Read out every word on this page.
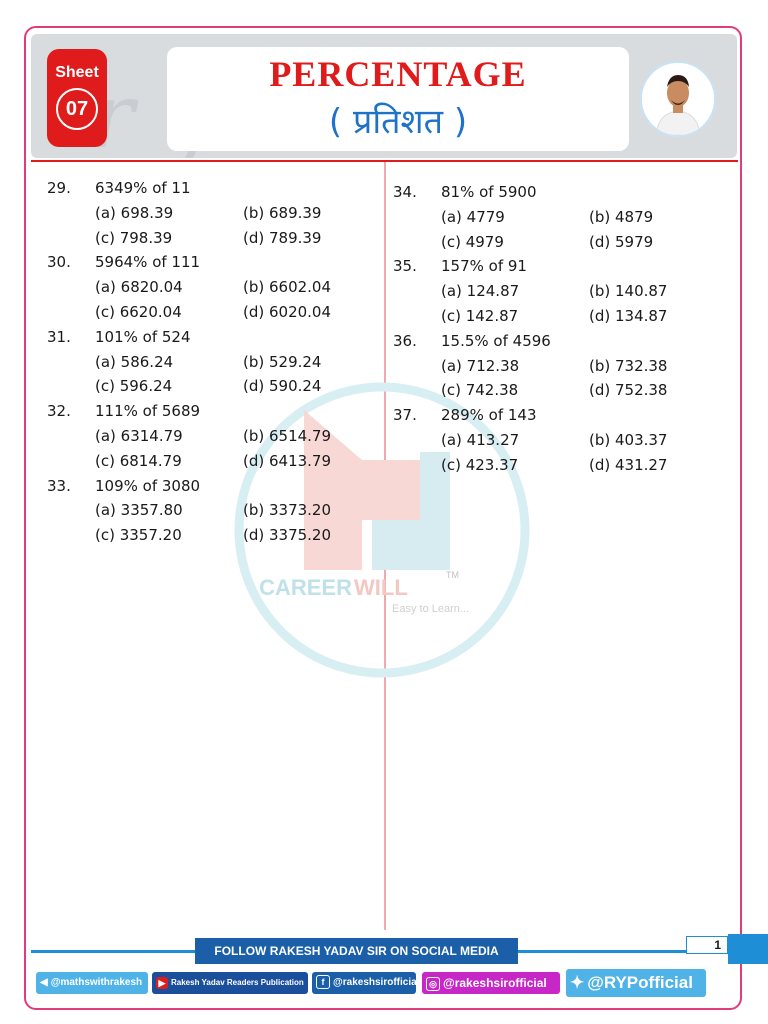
r
Sheet
07
PERCENTAGE
( प्रतिशत )
CAREER WILL	TM
Easy to Learn...
29. 6349% of 11
(a) 698.39	(b) 689.39
(c) 798.39	(d) 789.39
30. 5964% of 111
(a) 6820.04	(b) 6602.04
(c) 6620.04	(d) 6020.04
31. 101% of 524
(a) 586.24	(b) 529.24
(c) 596.24	(d) 590.24
32. 111% of 5689
(a) 6314.79	(b) 6514.79
(c) 6814.79	(d) 6413.79
33. 109% of 3080
(a) 3357.80	(b) 3373.20
(c) 3357.20	(d) 3375.20
34. 81% of 5900
(a) 4779	(b) 4879
(c) 4979	(d) 5979
35. 157% of 91
(a) 124.87	(b) 140.87
(c) 142.87	(d) 134.87
36. 15.5% of 4596
(a) 712.38	(b) 732.38
(c) 742.38	(d) 752.38
37. 289% of 143
(a) 413.27	(b) 403.37
(c) 423.37	(d) 431.27
FOLLOW RAKESH YADAV SIR ON SOCIAL MEDIA	1
◀ @mathswithrakesh	▶ Rakesh Yadav Readers Publication	f @rakeshsirofficial	◎ @rakeshsirofficial	✦ @RYPofficial
